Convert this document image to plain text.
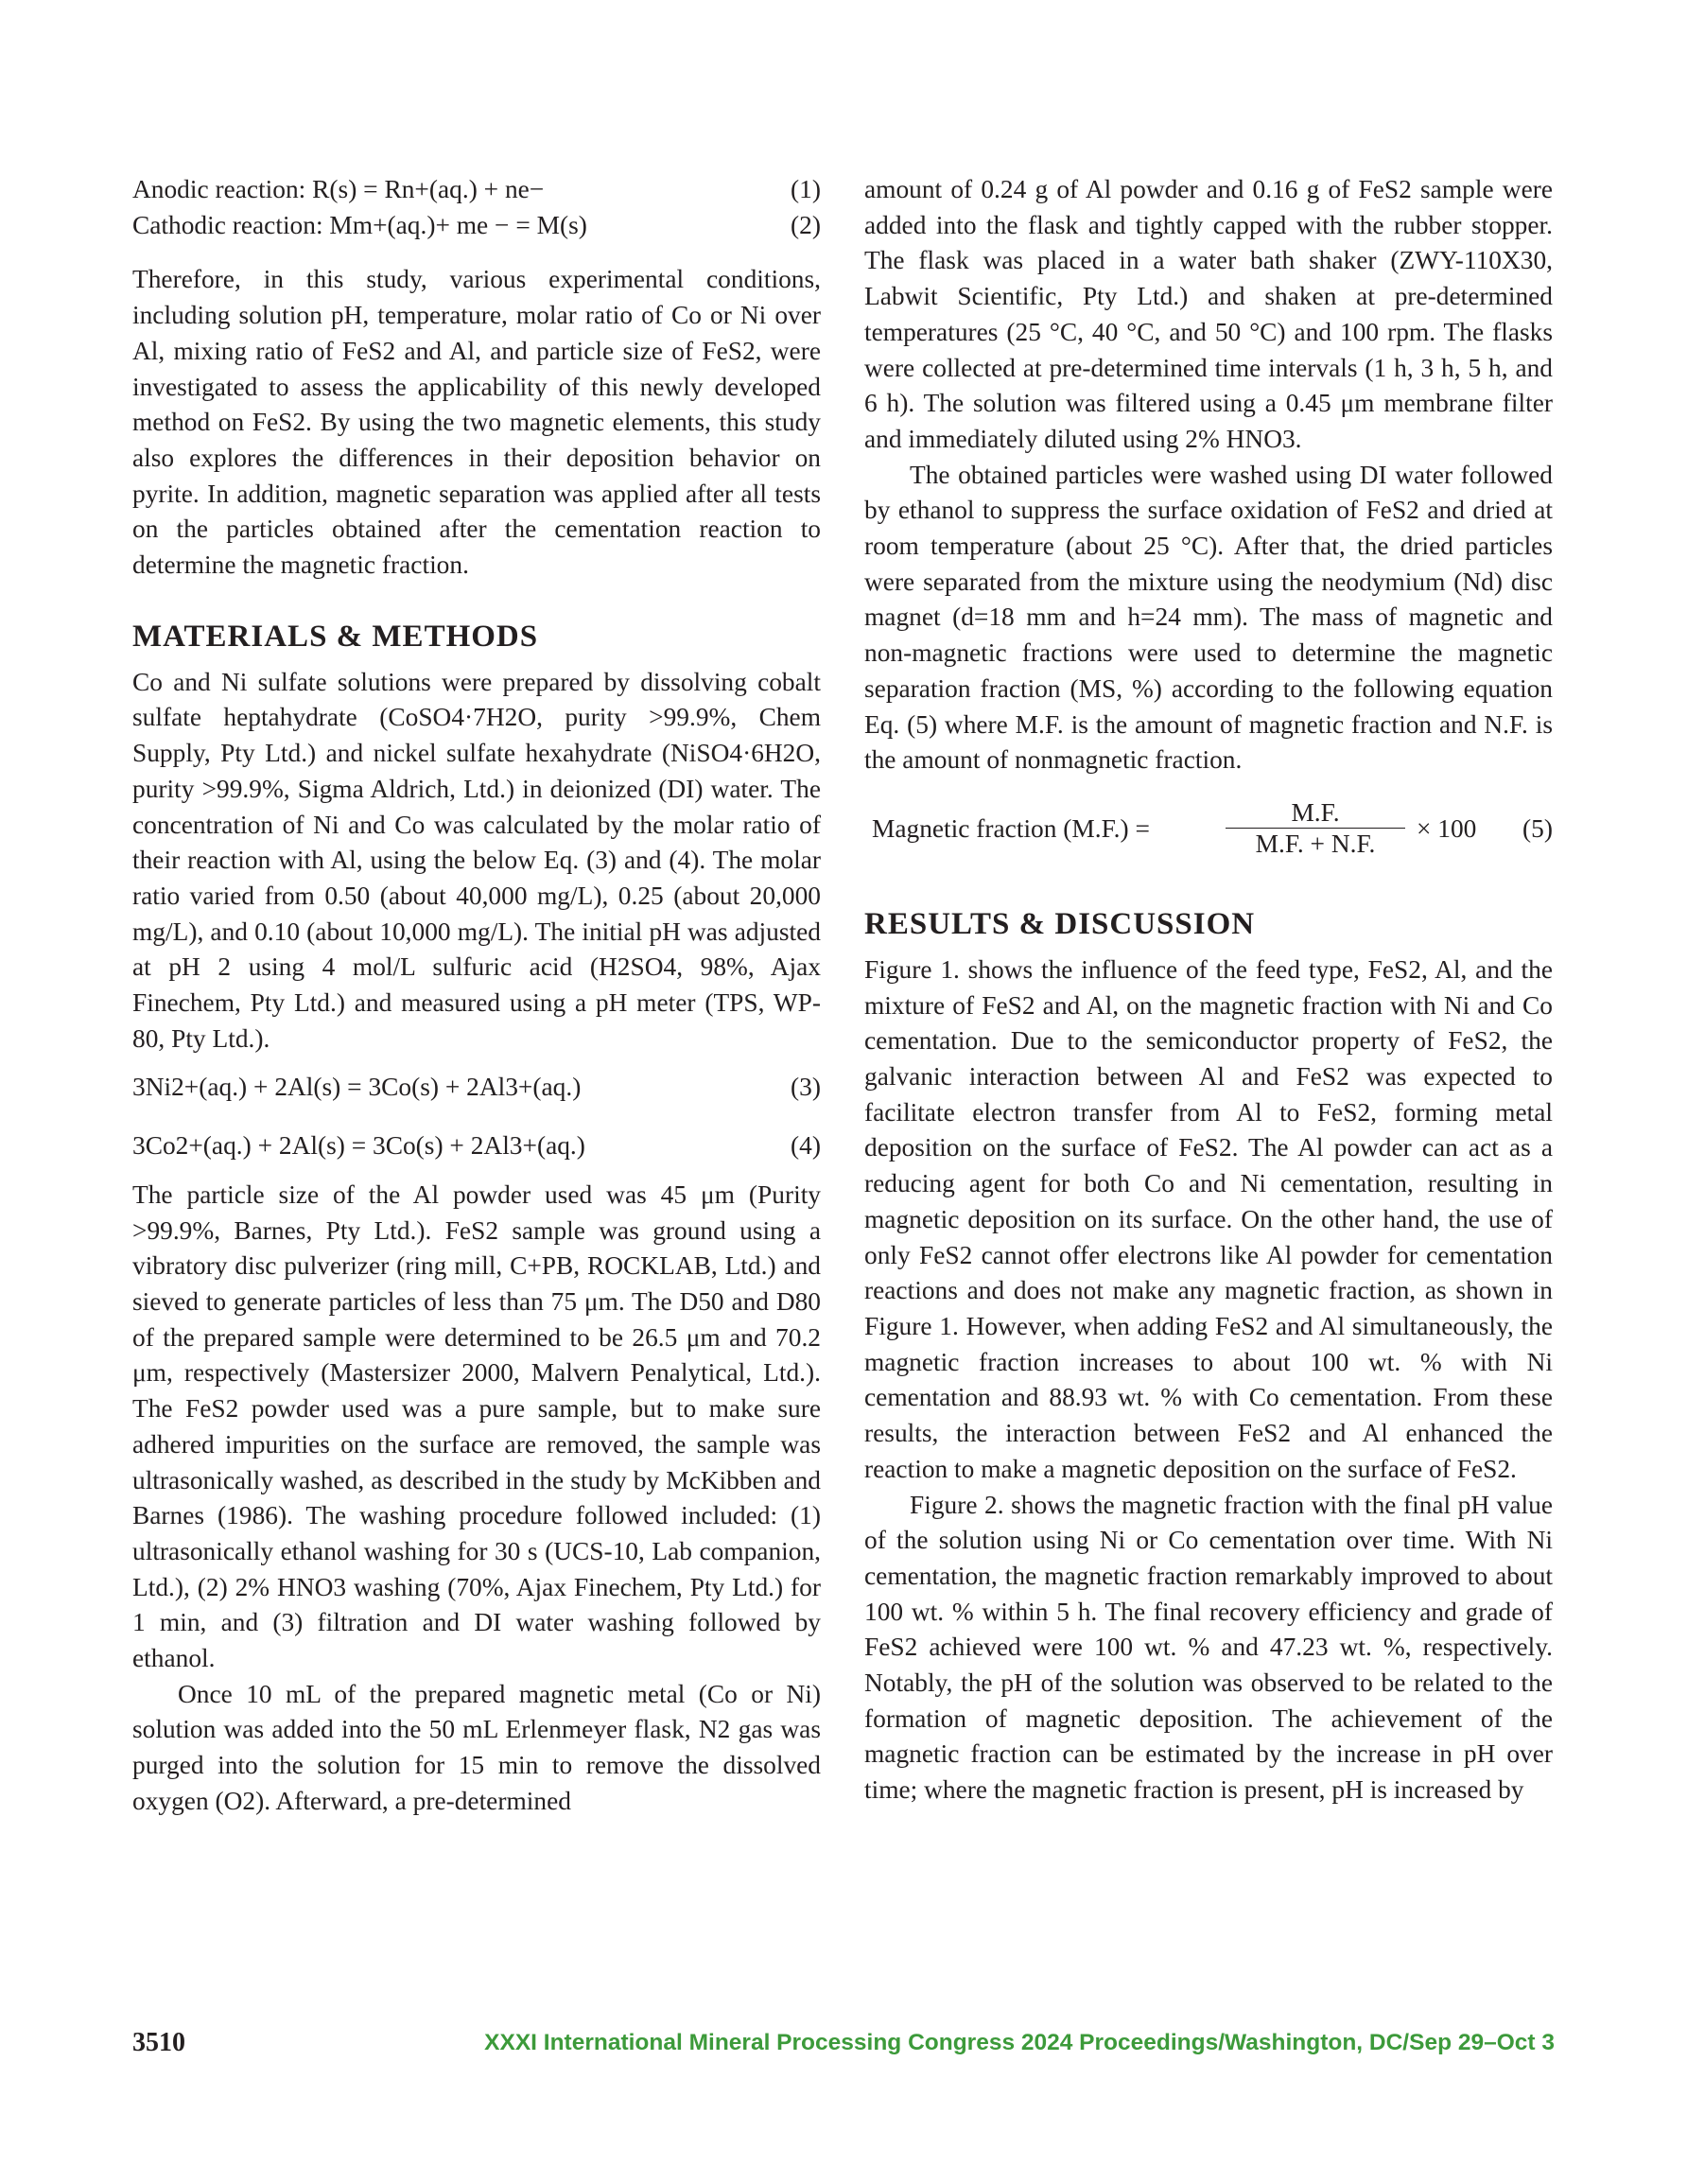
Anodic reaction: R(s) = Rn+(aq.) + ne−	(1)
Cathodic reaction: Mm+(aq.)+ me − = M(s)	(2)

Therefore, in this study, various experimental conditions, including solution pH, temperature, molar ratio of Co or Ni over Al, mixing ratio of FeS2 and Al, and particle size of FeS2, were investigated to assess the applicability of this newly developed method on FeS2. By using the two magnetic elements, this study also explores the differences in their deposition behavior on pyrite. In addition, magnetic separation was applied after all tests on the particles obtained after the cementation reaction to determine the magnetic fraction.

MATERIALS & METHODS

Co and Ni sulfate solutions were prepared by dissolving cobalt sulfate heptahydrate (CoSO4·7H2O, purity >99.9%, Chem Supply, Pty Ltd.) and nickel sulfate hexahydrate (NiSO4·6H2O, purity >99.9%, Sigma Aldrich, Ltd.) in deionized (DI) water. The concentration of Ni and Co was calculated by the molar ratio of their reaction with Al, using the below Eq. (3) and (4). The molar ratio varied from 0.50 (about 40,000 mg/L), 0.25 (about 20,000 mg/L), and 0.10 (about 10,000 mg/L). The initial pH was adjusted at pH 2 using 4 mol/L sulfuric acid (H2SO4, 98%, Ajax Finechem, Pty Ltd.) and measured using a pH meter (TPS, WP-80, Pty Ltd.).

3Ni2+(aq.) + 2Al(s) = 3Co(s) + 2Al3+(aq.)	(3)
3Co2+(aq.) + 2Al(s) = 3Co(s) + 2Al3+(aq.)	(4)

The particle size of the Al powder used was 45 μm (Purity >99.9%, Barnes, Pty Ltd.). FeS2 sample was ground using a vibratory disc pulverizer (ring mill, C+PB, ROCKLAB, Ltd.) and sieved to generate particles of less than 75 μm. The D50 and D80 of the prepared sample were determined to be 26.5 μm and 70.2 μm, respectively (Mastersizer 2000, Malvern Penalytical, Ltd.). The FeS2 powder used was a pure sample, but to make sure adhered impurities on the surface are removed, the sample was ultrasonically washed, as described in the study by McKibben and Barnes (1986). The washing procedure followed included: (1) ultrasonically ethanol washing for 30 s (UCS-10, Lab companion, Ltd.), (2) 2% HNO3 washing (70%, Ajax Finechem, Pty Ltd.) for 1 min, and (3) filtration and DI water washing followed by ethanol.

Once 10 mL of the prepared magnetic metal (Co or Ni) solution was added into the 50 mL Erlenmeyer flask, N2 gas was purged into the solution for 15 min to remove the dissolved oxygen (O2). Afterward, a pre-determined

amount of 0.24 g of Al powder and 0.16 g of FeS2 sample were added into the flask and tightly capped with the rubber stopper. The flask was placed in a water bath shaker (ZWY-110X30, Labwit Scientific, Pty Ltd.) and shaken at pre-determined temperatures (25 °C, 40 °C, and 50 °C) and 100 rpm. The flasks were collected at pre-determined time intervals (1 h, 3 h, 5 h, and 6 h). The solution was filtered using a 0.45 μm membrane filter and immediately diluted using 2% HNO3.

The obtained particles were washed using DI water followed by ethanol to suppress the surface oxidation of FeS2 and dried at room temperature (about 25 °C). After that, the dried particles were separated from the mixture using the neodymium (Nd) disc magnet (d=18 mm and h=24 mm). The mass of magnetic and non-magnetic fractions were used to determine the magnetic separation fraction (MS, %) according to the following equation Eq. (5) where M.F. is the amount of magnetic fraction and N.F. is the amount of nonmagnetic fraction.

Magnetic fraction (M.F.) =	$\frac{M.F.}{M.F. + N.F.} \times 100$ (5)
RESULTS & DISCUSSION

Figure 1. shows the influence of the feed type, FeS2, Al, and the mixture of FeS2 and Al, on the magnetic fraction with Ni and Co cementation. Due to the semiconductor property of FeS2, the galvanic interaction between Al and FeS2 was expected to facilitate electron transfer from Al to FeS2, forming metal deposition on the surface of FeS2. The Al powder can act as a reducing agent for both Co and Ni cementation, resulting in magnetic deposition on its surface. On the other hand, the use of only FeS2 cannot offer electrons like Al powder for cementation reactions and does not make any magnetic fraction, as shown in Figure 1. However, when adding FeS2 and Al simultaneously, the magnetic fraction increases to about 100 wt. % with Ni cementation and 88.93 wt. % with Co cementation. From these results, the interaction between FeS2 and Al enhanced the reaction to make a magnetic deposition on the surface of FeS2.

Figure 2. shows the magnetic fraction with the final pH value of the solution using Ni or Co cementation over time. With Ni cementation, the magnetic fraction remarkably improved to about 100 wt. % within 5 h. The final recovery efficiency and grade of FeS2 achieved were 100 wt. % and 47.23 wt. %, respectively. Notably, the pH of the solution was observed to be related to the formation of magnetic deposition. The achievement of the magnetic fraction can be estimated by the increase in pH over time; where the magnetic fraction is present, pH is increased by

3510	XXXI International Mineral Processing Congress 2024 Proceedings/Washington, DC/Sep 29–Oct 3
